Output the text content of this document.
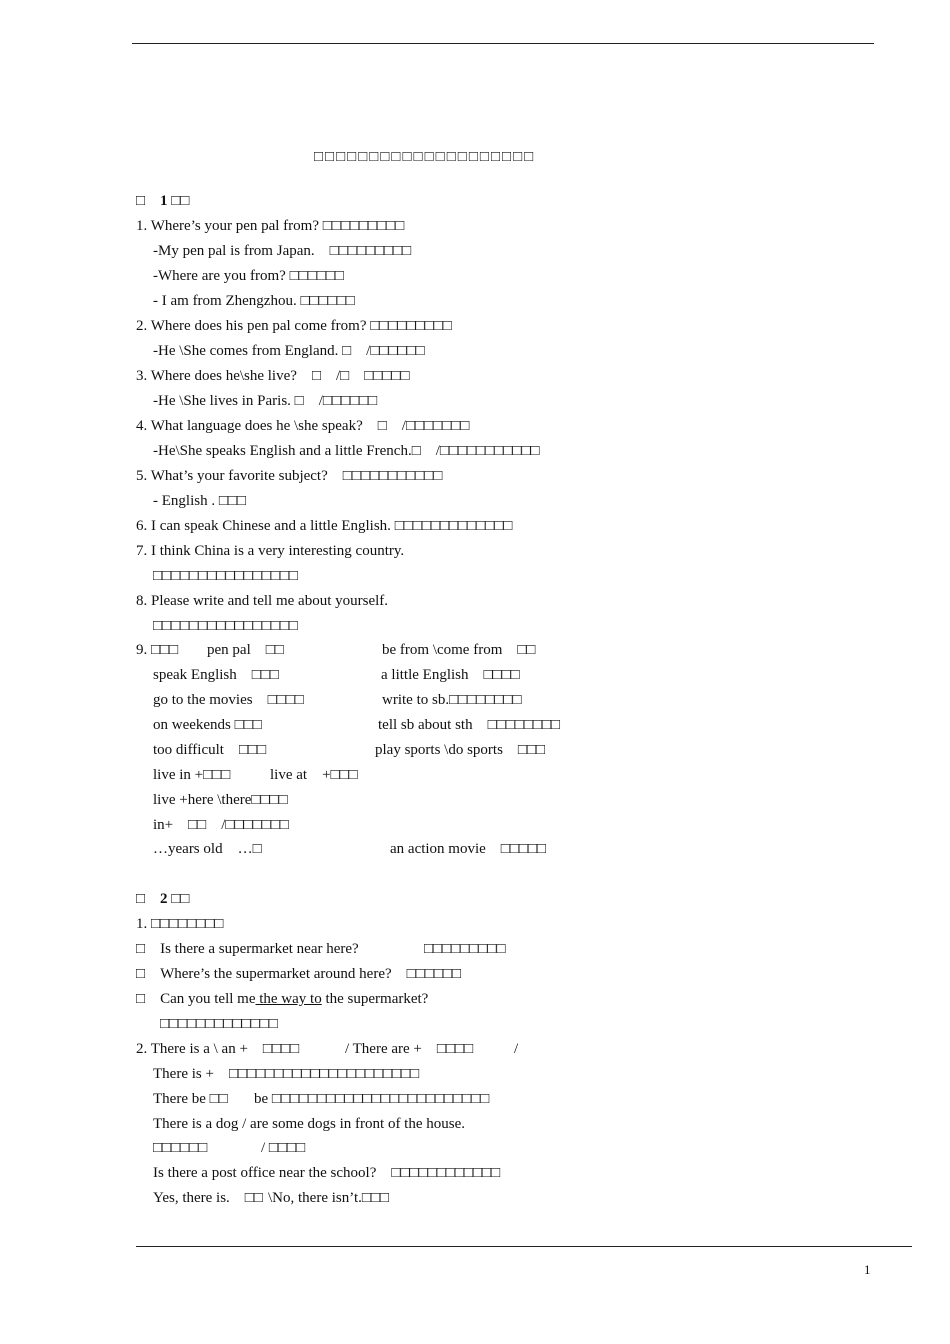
□□□□□□□□□□□□□□□□□□□□
□　1 □□
1. Where’s your pen pal from? □□□□□□□□□
-My pen pal is from Japan.　 □□□□□□□□□
-Where are you from? □□□□□□
- I am from Zhengzhou. □□□□□□
2. Where does his pen pal come from? □□□□□□□□□
-He \She comes from England. □　/□□□□□□
3. Where does he\she live?　 □　/□　□□□□□
-He \She lives in Paris. □　/□□□□□□
4. What language does he \she speak?　 □　/□□□□□□□
-He\She speaks English and a little French.□　/□□□□□□□□□□□
5. What’s your favorite subject?　 □□□□□□□□□□□
- English . □□□
6. I can speak Chinese and a little English. □□□□□□□□□□□□□
7. I think China is a very interesting country.
□□□□□□□□□□□□□□□□
8. Please write and tell me about yourself.
□□□□□□□□□□□□□□□□
9. □□□ pen pal　□□	be from \come from　□□
speak English　□□□	a little English　□□□□
go to the movies　□□□□	write to sb.□□□□□□□□
on weekends □□□	tell sb about sth　□□□□□□□□
too difficult　□□□	play sports \do sports　□□□
live in +□□□	live at　+□□□
live +here \there□□□□
in+　□□　/□□□□□□□
…years old　…□	an action movie　□□□□□
□　2 □□
1. □□□□□□□□
□　 Is there a supermarket near here?	□□□□□□□□□
□　 Where’s the supermarket around here?　 □□□□□□
□　 Can you tell me the way to the supermarket?
□□□□□□□□□□□□□
2. There is a \ an +　□□□□	/ There are +　□□□□	/
There is +　□□□□□□□□□□□□□□□□□□□□□
There be □□ be □□□□□□□□□□□□□□□□□□□□□□□□
There is a dog / are some dogs in front of the house.
□□□□□□	/ □□□□
Is there a post office near the school?　 □□□□□□□□□□□□
Yes, there is.　□□ \No, there isn’t.□□□
1
